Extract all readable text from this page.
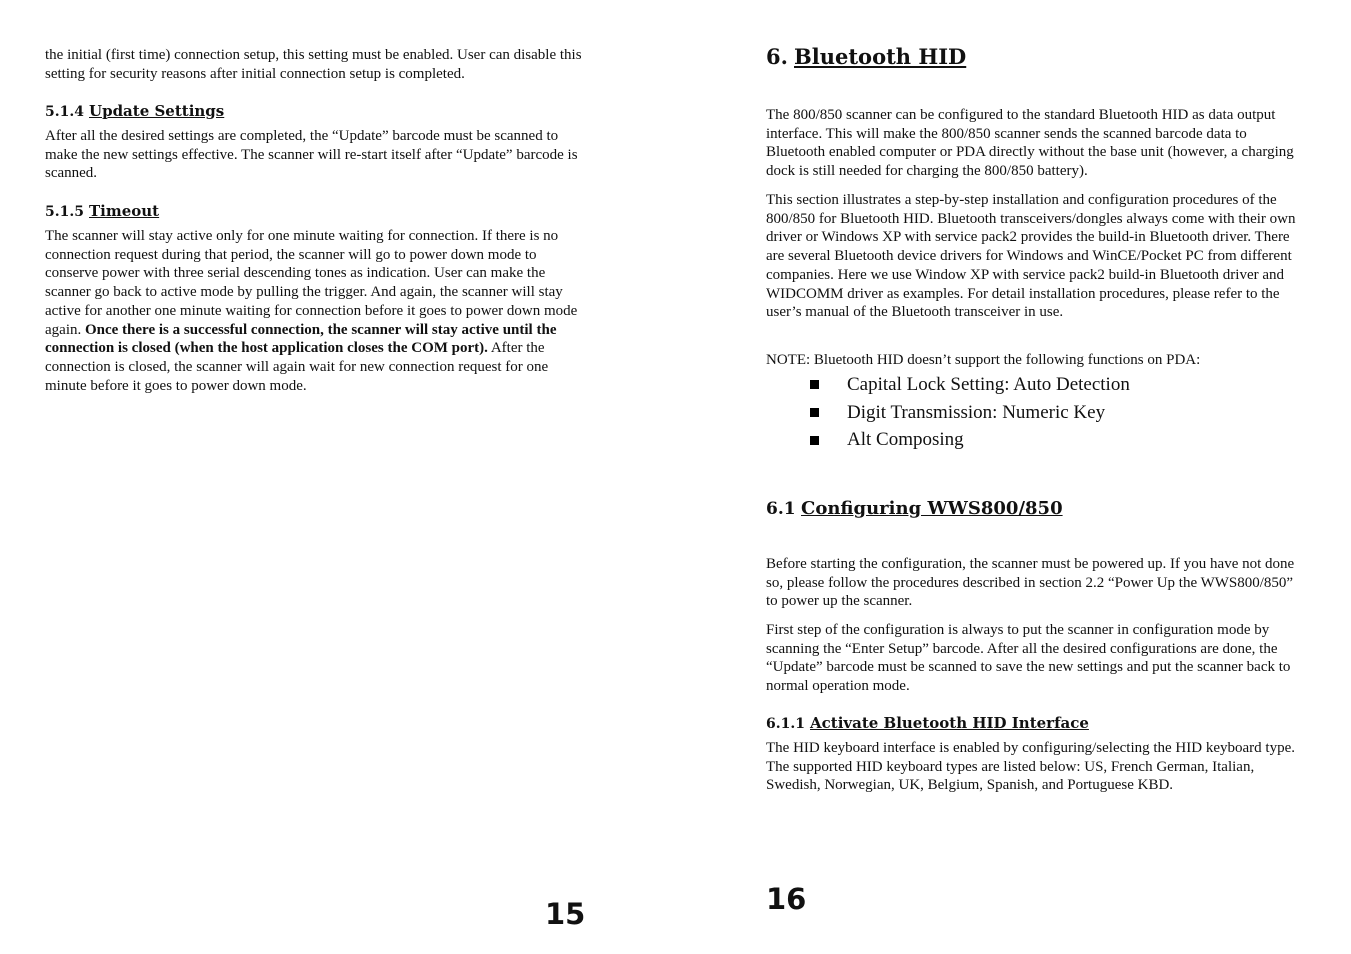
the initial (first time) connection setup, this setting must be enabled. User can disable this setting for security reasons after initial connection setup is completed.

5.1.4 Update Settings

After all the desired settings are completed, the “Update” barcode must be scanned to make the new settings effective. The scanner will re-start itself after “Update” barcode is scanned.

5.1.5 Timeout

The scanner will stay active only for one minute waiting for connection. If there is no connection request during that period, the scanner will go to power down mode to conserve power with three serial descending tones as indication. User can make the scanner go back to active mode by pulling the trigger. And again, the scanner will stay active for another one minute waiting for connection before it goes to power down mode again. Once there is a successful connection, the scanner will stay active until the connection is closed (when the host application closes the COM port). After the connection is closed, the scanner will again wait for new connection request for one minute before it goes to power down mode.

15
6. Bluetooth HID

The 800/850 scanner can be configured to the standard Bluetooth HID as data output interface. This will make the 800/850 scanner sends the scanned barcode data to Bluetooth enabled computer or PDA directly without the base unit (however, a charging dock is still needed for charging the 800/850 battery).

This section illustrates a step-by-step installation and configuration procedures of the 800/850 for Bluetooth HID. Bluetooth transceivers/dongles always come with their own driver or Windows XP with service pack2 provides the build-in Bluetooth driver. There are several Bluetooth device drivers for Windows and WinCE/Pocket PC from different companies. Here we use Window XP with service pack2 build-in Bluetooth driver and WIDCOMM driver as examples. For detail installation procedures, please refer to the user’s manual of the Bluetooth transceiver in use.

NOTE: Bluetooth HID doesn’t support the following functions on PDA:

Capital Lock Setting: Auto Detection
Digit Transmission: Numeric Key
Alt Composing
6.1 Configuring WWS800/850

Before starting the configuration, the scanner must be powered up. If you have not done so, please follow the procedures described in section 2.2 “Power Up the WWS800/850” to power up the scanner.

First step of the configuration is always to put the scanner in configuration mode by scanning the “Enter Setup” barcode. After all the desired configurations are done, the “Update” barcode must be scanned to save the new settings and put the scanner back to normal operation mode.

6.1.1 Activate Bluetooth HID Interface

The HID keyboard interface is enabled by configuring/selecting the HID keyboard type. The supported HID keyboard types are listed below: US, French German, Italian, Swedish, Norwegian, UK, Belgium, Spanish, and Portuguese KBD.

16
